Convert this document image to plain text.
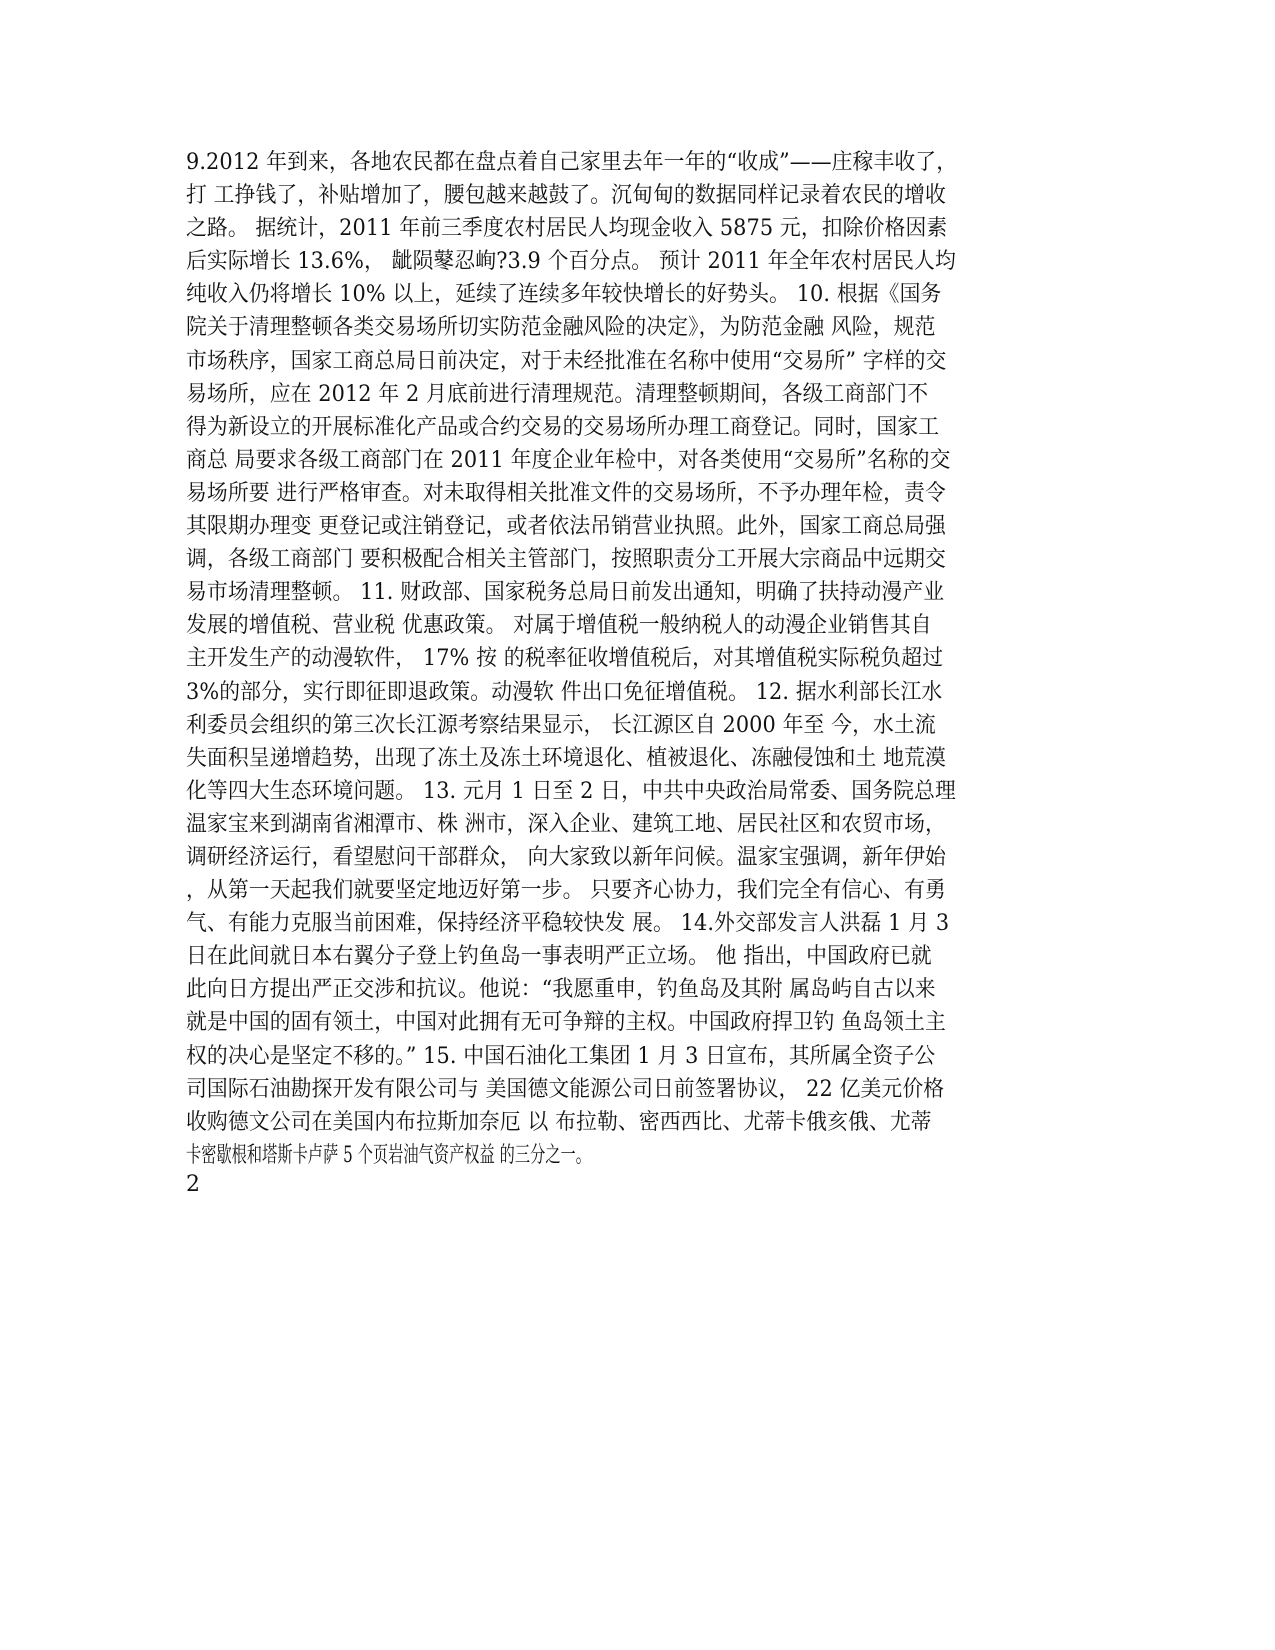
9.2012 年到来，各地农民都在盘点着自己家里去年一年的“收成”——庄稼丰收了，
打 工挣钱了，补贴增加了，腰包越来越鼓了。沉甸甸的数据同样记录着农民的增收
之路。 据统计，2011 年前三季度农村居民人均现金收入 5875 元，扣除价格因素
后实际增长 13.6%， 龇陨鼕忍峋?3.9 个百分点。 预计 2011 年全年农村居民人均
纯收入仍将增长 10% 以上，延续了连续多年较快增长的好势头。 10. 根据《国务
院关于清理整顿各类交易场所切实防范金融风险的决定》，为防范金融 风险，规范
市场秩序，国家工商总局日前决定，对于未经批准在名称中使用“交易所” 字样的交
易场所，应在 2012 年 2 月底前进行清理规范。清理整顿期间，各级工商部门不
得为新设立的开展标准化产品或合约交易的交易场所办理工商登记。同时，国家工
商总 局要求各级工商部门在 2011 年度企业年检中，对各类使用“交易所”名称的交
易场所要 进行严格审查。对未取得相关批准文件的交易场所，不予办理年检，责令
其限期办理变 更登记或注销登记，或者依法吊销营业执照。此外，国家工商总局强
调，各级工商部门 要积极配合相关主管部门，按照职责分工开展大宗商品中远期交
易市场清理整顿。 11. 财政部、国家税务总局日前发出通知，明确了扶持动漫产业
发展的增值税、营业税 优惠政策。 对属于增值税一般纳税人的动漫企业销售其自
主开发生产的动漫软件， 17% 按 的税率征收增值税后，对其增值税实际税负超过
3%的部分，实行即征即退政策。动漫软 件出口免征增值税。 12. 据水利部长江水
利委员会组织的第三次长江源考察结果显示， 长江源区自 2000 年至 今，水土流
失面积呈递增趋势，出现了冻土及冻土环境退化、植被退化、冻融侵蚀和土 地荒漠
化等四大生态环境问题。 13. 元月 1 日至 2 日，中共中央政治局常委、国务院总理
温家宝来到湖南省湘潭市、株 洲市，深入企业、建筑工地、居民社区和农贸市场，
调研经济运行，看望慰问干部群众， 向大家致以新年问候。温家宝强调，新年伊始
，从第一天起我们就要坚定地迈好第一步。 只要齐心协力，我们完全有信心、有勇
气、有能力克服当前困难，保持经济平稳较快发 展。 14.外交部发言人洪磊 1 月 3
日在此间就日本右翼分子登上钓鱼岛一事表明严正立场。 他 指出，中国政府已就
此向日方提出严正交涉和抗议。他说：“我愿重申，钓鱼岛及其附 属岛屿自古以来
就是中国的固有领土，中国对此拥有无可争辩的主权。中国政府捍卫钓 鱼岛领土主
权的决心是坚定不移的。” 15. 中国石油化工集团 1 月 3 日宣布，其所属全资子公
司国际石油勘探开发有限公司与 美国德文能源公司日前签署协议， 22 亿美元价格
收购德文公司在美国内布拉斯加奈厄 以 布拉勒、密西西比、尤蒂卡俄亥俄、尤蒂
卡密歇根和塔斯卡卢萨 5 个页岩油气资产权益 的三分之一。
2
